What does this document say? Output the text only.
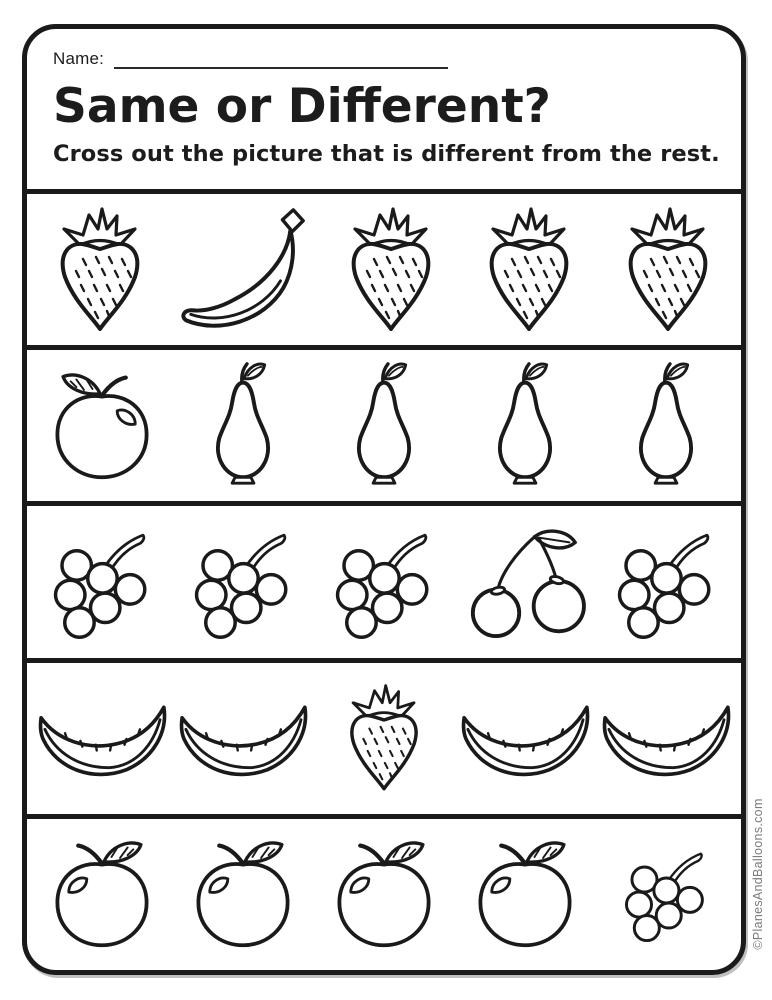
Name:
Same or Different?

Cross out the picture that is different from the rest.

©PlanesAndBalloons.com
